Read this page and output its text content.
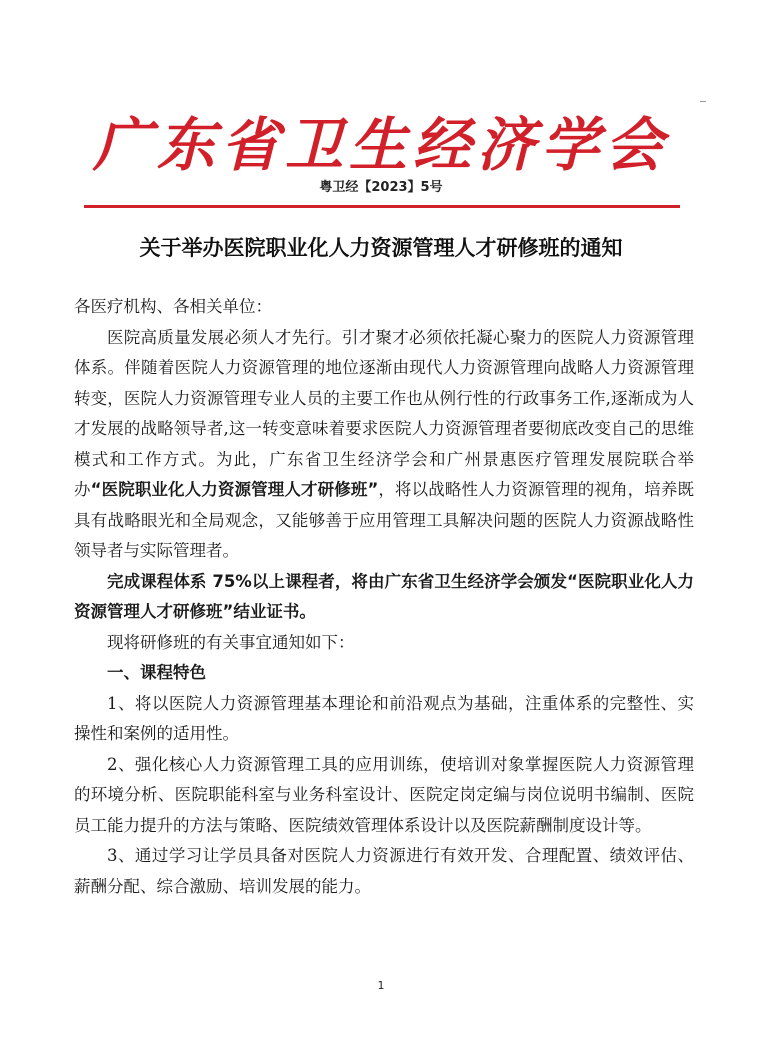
广东省卫生经济学会
粤卫经【2023】5号
关于举办医院职业化人力资源管理人才研修班的通知

各医疗机构、各相关单位：

医院高质量发展必须人才先行。引才聚才必须依托凝心聚力的医院人力资源管理体系。伴随着医院人力资源管理的地位逐渐由现代人力资源管理向战略人力资源管理转变，医院人力资源管理专业人员的主要工作也从例行性的行政事务工作,逐渐成为人才发展的战略领导者,这一转变意味着要求医院人力资源管理者要彻底改变自己的思维模式和工作方式。为此，广东省卫生经济学会和广州景惠医疗管理发展院联合举办“医院职业化人力资源管理人才研修班”，将以战略性人力资源管理的视角，培养既具有战略眼光和全局观念，又能够善于应用管理工具解决问题的医院人力资源战略性领导者与实际管理者。

完成课程体系 75%以上课程者，将由广东省卫生经济学会颁发“医院职业化人力资源管理人才研修班”结业证书。

现将研修班的有关事宜通知如下：

一、课程特色

1、将以医院人力资源管理基本理论和前沿观点为基础，注重体系的完整性、实操性和案例的适用性。

2、强化核心人力资源管理工具的应用训练，使培训对象掌握医院人力资源管理的环境分析、医院职能科室与业务科室设计、医院定岗定编与岗位说明书编制、医院员工能力提升的方法与策略、医院绩效管理体系设计以及医院薪酬制度设计等。

3、通过学习让学员具备对医院人力资源进行有效开发、合理配置、绩效评估、薪酬分配、综合激励、培训发展的能力。

1
